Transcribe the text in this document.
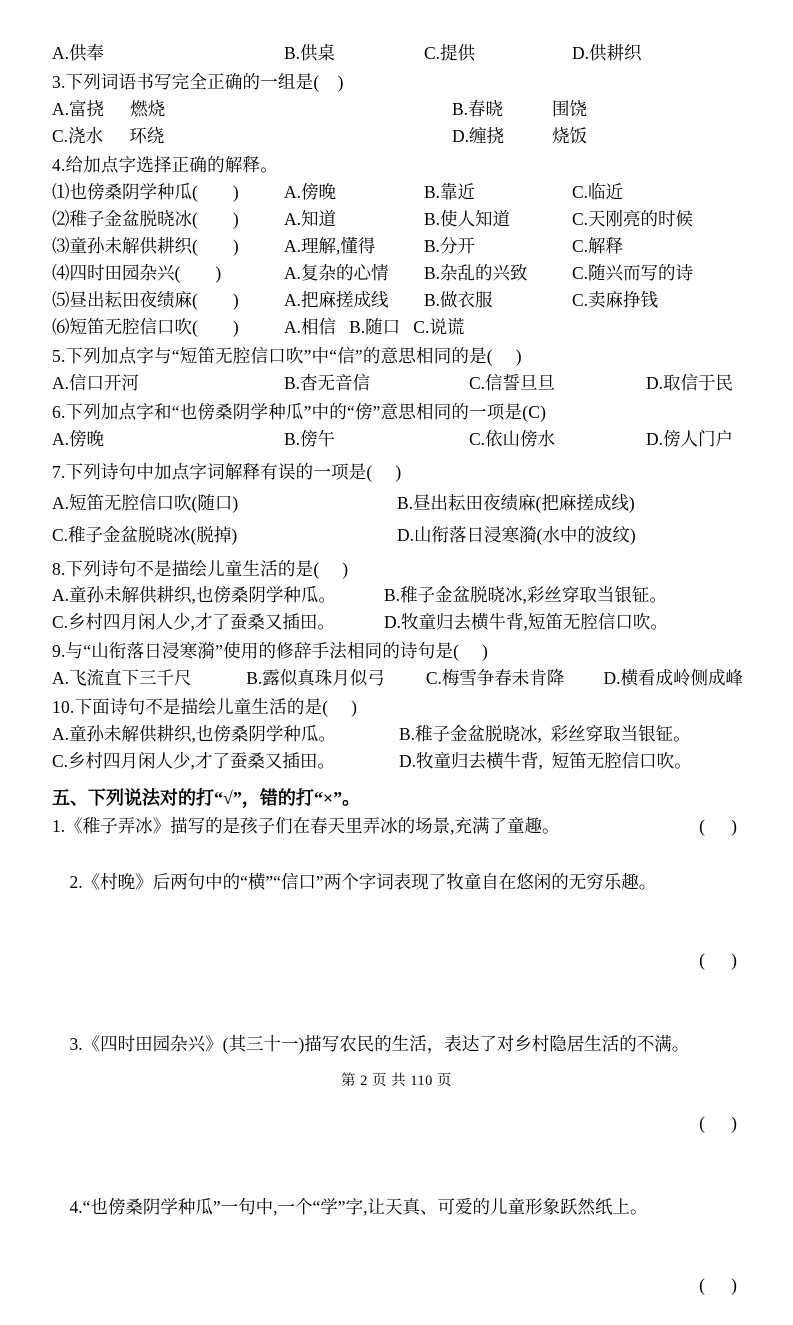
A.供奉	B.供桌	C.提供	D.供耕织
3.下列词语书写完全正确的一组是(    )
A.富挠      燃烧	B.春晓	围饶
C.浇水      环绕	D.缠挠	烧饭
4.给加点字选择正确的解释。
⑴也傍桑阴学种瓜(        )	A.傍晚	B.靠近	C.临近
⑵稚子金盆脱晓冰(        )	A.知道	B.使人知道	C.天刚亮的时候
⑶童孙未解供耕织(        )	A.理解,懂得	B.分开	C.解释
⑷四时田园杂兴(        )	A.复杂的心情	B.杂乱的兴致	C.随兴而写的诗
⑸昼出耘田夜绩麻(        )	A.把麻搓成线	B.做衣服	C.卖麻挣钱
⑹短笛无腔信口吹(        )	A.相信   B.随口   C.说谎
5.下列加点字与“短笛无腔信口吹”中“信”的意思相同的是(     )
A.信口开河	B.杳无音信	C.信誓旦旦	D.取信于民
6.下列加点字和“也傍桑阴学种瓜”中的“傍”意思相同的一项是(C)
A.傍晚	B.傍午	C.依山傍水	D.傍人门户
7.下列诗句中加点字词解释有误的一项是(     )
A.短笛无腔信口吹(随口)	B.昼出耘田夜绩麻(把麻搓成线)
C.稚子金盆脱晓冰(脱掉)	D.山衔落日浸寒漪(水中的波纹)
8.下列诗句不是描绘儿童生活的是(     )
A.童孙未解供耕织,也傍桑阴学种瓜。	B.稚子金盆脱晓冰,彩丝穿取当银钲。
C.乡村四月闲人少,才了蚕桑又插田。	D.牧童归去横牛背,短笛无腔信口吹。
9.与“山衔落日浸寒漪”使用的修辞手法相同的诗句是(     )
A.飞流直下三千尺	B.露似真珠月似弓	C.梅雪争春未肯降	D.横看成岭侧成峰
10.下面诗句不是描绘儿童生活的是(     )
A.童孙未解供耕织,也傍桑阴学种瓜。	B.稚子金盆脱晓冰,  彩丝穿取当银钲。
C.乡村四月闲人少,才了蚕桑又插田。	D.牧童归去横牛背,  短笛无腔信口吹。
五、下列说法对的打“√”，错的打“×”。
1.《稚子弄冰》描写的是孩子们在春天里弄冰的场景,充满了童趣。	(      )

2.《村晚》后两句中的“横”“信口”两个字词表现了牧童自在悠闲的无穷乐趣。

(      )

3.《四时田园杂兴》(其三十一)描写农民的生活，表达了对乡村隐居生活的不满。

(      )

4.“也傍桑阴学种瓜”一句中,一个“学”字,让天真、可爱的儿童形象跃然纸上。

(      )

第 2 页 共 110 页
